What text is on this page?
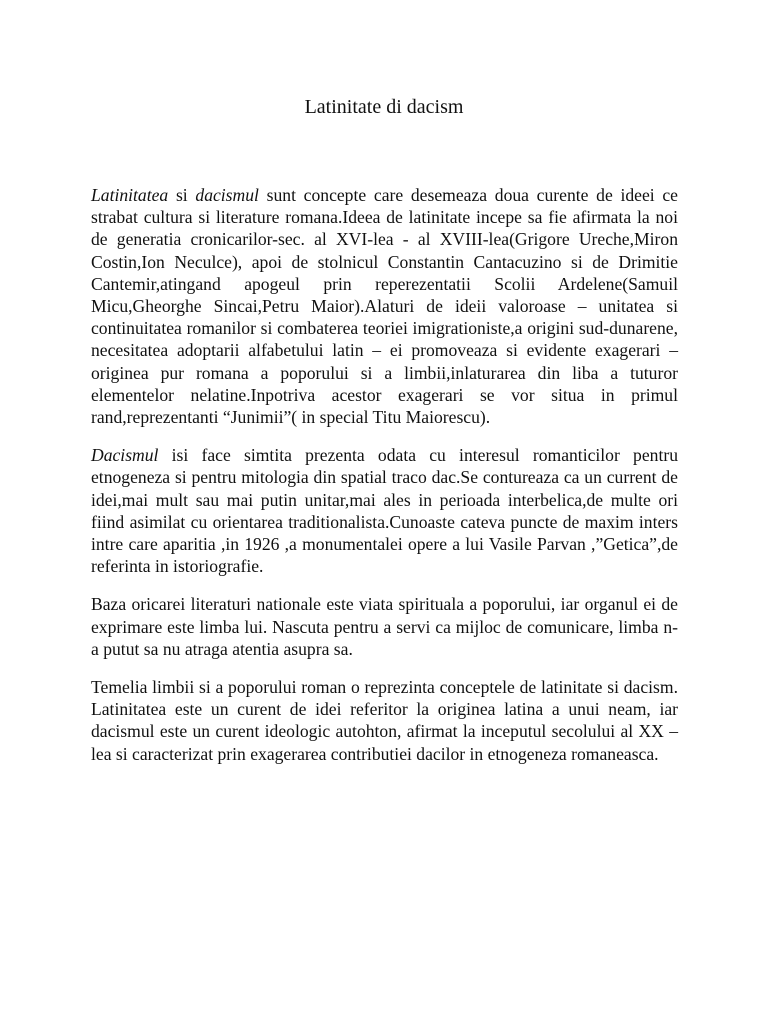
Latinitate di dacism

Latinitatea si dacismul sunt concepte care desemeaza doua curente de ideei ce strabat cultura si literature romana.Ideea de latinitate incepe sa fie afirmata la noi de generatia cronicarilor-sec. al XVI-lea - al XVIII-lea(Grigore Ureche,Miron Costin,Ion Neculce), apoi de stolnicul Constantin Cantacuzino si de Drimitie Cantemir,atingand apogeul prin reperezentatii Scolii Ardelene(Samuil Micu,Gheorghe Sincai,Petru Maior).Alaturi de ideii valoroase – unitatea si continuitatea romanilor si combaterea teoriei imigrationiste,a origini sud-dunarene, necesitatea adoptarii alfabetului latin – ei promoveaza si evidente exagerari – originea pur romana a poporului si a limbii,inlaturarea din liba a tuturor elementelor nelatine.Inpotriva acestor exagerari se vor situa in primul rand,reprezentanti “Junimii”( in special Titu Maiorescu).

Dacismul isi face simtita prezenta odata cu interesul romanticilor pentru etnogeneza si pentru mitologia din spatial traco dac.Se contureaza ca un current de idei,mai mult sau mai putin unitar,mai ales in perioada interbelica,de multe ori fiind asimilat cu orientarea traditionalista.Cunoaste cateva puncte de maxim inters intre care aparitia ,in 1926 ,a monumentalei opere a lui Vasile Parvan ,”Getica”,de referinta in istoriografie.

Baza oricarei literaturi nationale este viata spirituala a poporului, iar organul ei de exprimare este limba lui. Nascuta pentru a servi ca mijloc de comunicare, limba n-a putut sa nu atraga atentia asupra sa.

Temelia limbii si a poporului roman o reprezinta conceptele de latinitate si dacism. Latinitatea este un curent de idei referitor la originea latina a unui neam, iar dacismul este un curent ideologic autohton, afirmat la inceputul secolului al XX –lea si caracterizat prin exagerarea contributiei dacilor in etnogeneza romaneasca.
